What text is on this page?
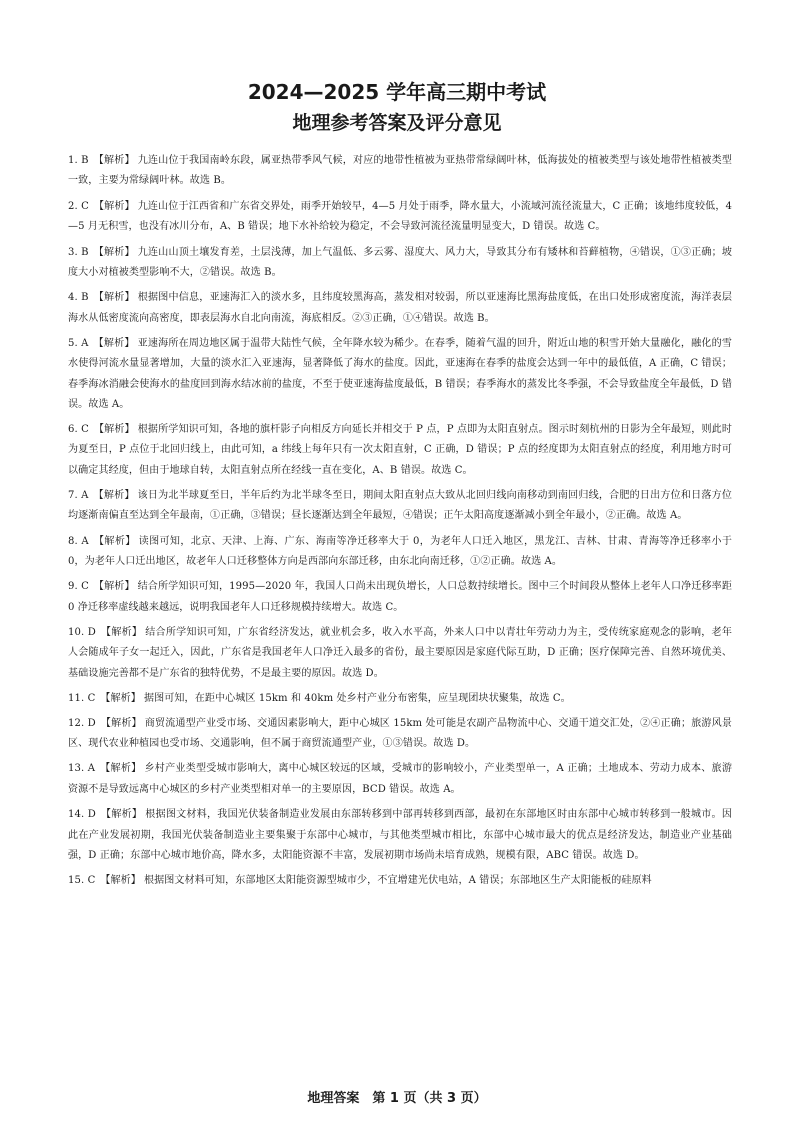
2024—2025 学年高三期中考试
地理参考答案及评分意见
1. B 【解析】 九连山位于我国南岭东段，属亚热带季风气候，对应的地带性植被为亚热带常绿阔叶林，低海拔处的植被类型与该处地带性植被类型一致，主要为常绿阔叶林。故选 B。
2. C 【解析】 九连山位于江西省和广东省交界处，雨季开始较早，4—5 月处于雨季，降水量大，小流域河流径流量大，C 正确；该地纬度较低，4—5 月无积雪，也没有冰川分布，A、B 错误；地下水补给较为稳定，不会导致河流径流量明显变大，D 错误。故选 C。
3. B 【解析】 九连山山顶土壤发育差，土层浅薄，加上气温低、多云雾、湿度大、风力大，导致其分布有矮林和苔藓植物，④错误，①③正确；坡度大小对植被类型影响不大，②错误。故选 B。
4. B 【解析】 根据图中信息，亚速海汇入的淡水多，且纬度较黑海高，蒸发相对较弱，所以亚速海比黑海盐度低，在出口处形成密度流，海洋表层海水从低密度流向高密度，即表层海水自北向南流，海底相反。②③正确，①④错误。故选 B。
5. A 【解析】 亚速海所在周边地区属于温带大陆性气候，全年降水较为稀少。在春季，随着气温的回升，附近山地的积雪开始大量融化，融化的雪水使得河流水量显著增加，大量的淡水汇入亚速海，显著降低了海水的盐度。因此，亚速海在春季的盐度会达到一年中的最低值，A 正确，C 错误；春季海冰消融会使海水的盐度回到海水结冰前的盐度，不至于使亚速海盐度最低，B 错误；春季海水的蒸发比冬季强，不会导致盐度全年最低，D 错误。故选 A。
6. C 【解析】 根据所学知识可知，各地的旗杆影子向相反方向延长并相交于 P 点，P 点即为太阳直射点。图示时刻杭州的日影为全年最短，则此时为夏至日，P 点位于北回归线上，由此可知，a 纬线上每年只有一次太阳直射，C 正确，D 错误；P 点的经度即为太阳直射点的经度，利用地方时可以确定其经度，但由于地球自转，太阳直射点所在经线一直在变化，A、B 错误。故选 C。
7. A 【解析】 该日为北半球夏至日，半年后约为北半球冬至日，期间太阳直射点大致从北回归线向南移动到南回归线，合肥的日出方位和日落方位均逐渐南偏直至达到全年最南，①正确，③错误；昼长逐渐达到全年最短，④错误；正午太阳高度逐渐减小到全年最小，②正确。故选 A。
8. A 【解析】 读图可知，北京、天津、上海、广东、海南等净迁移率大于 0，为老年人口迁入地区，黑龙江、吉林、甘肃、青海等净迁移率小于 0，为老年人口迁出地区，故老年人口迁移整体方向是西部向东部迁移，由东北向南迁移，①②正确。故选 A。
9. C 【解析】 结合所学知识可知，1995—2020 年，我国人口尚未出现负增长，人口总数持续增长。图中三个时间段从整体上老年人口净迁移率距 0 净迁移率虚线越来越远，说明我国老年人口迁移规模持续增大。故选 C。
10. D 【解析】 结合所学知识可知，广东省经济发达，就业机会多，收入水平高，外来人口中以青壮年劳动力为主，受传统家庭观念的影响，老年人会随成年子女一起迁入，因此，广东省是我国老年人口净迁入最多的省份，最主要原因是家庭代际互助，D 正确；医疗保障完善、自然环境优美、基础设施完善都不是广东省的独特优势，不是最主要的原因。故选 D。
11. C 【解析】 据图可知，在距中心城区 15km 和 40km 处乡村产业分布密集，应呈现团块状聚集，故选 C。
12. D 【解析】 商贸流通型产业受市场、交通因素影响大，距中心城区 15km 处可能是农副产品物流中心、交通干道交汇处，②④正确；旅游风景区、现代农业种植园也受市场、交通影响，但不属于商贸流通型产业，①③错误。故选 D。
13. A 【解析】 乡村产业类型受城市影响大，离中心城区较远的区域，受城市的影响较小，产业类型单一，A 正确；土地成本、劳动力成本、旅游资源不是导致远离中心城区的乡村产业类型相对单一的主要原因，BCD 错误。故选 A。
14. D 【解析】 根据图文材料，我国光伏装备制造业发展由东部转移到中部再转移到西部，最初在东部地区时由东部中心城市转移到一般城市。因此在产业发展初期，我国光伏装备制造业主要集聚于东部中心城市，与其他类型城市相比，东部中心城市最大的优点是经济发达，制造业产业基础强，D 正确；东部中心城市地价高，降水多，太阳能资源不丰富，发展初期市场尚未培育成熟，规模有限，ABC 错误。故选 D。
15. C 【解析】 根据图文材料可知，东部地区太阳能资源型城市少，不宜增建光伏电站，A 错误；东部地区生产太阳能板的硅原料
地理答案　第 1 页（共 3 页）
